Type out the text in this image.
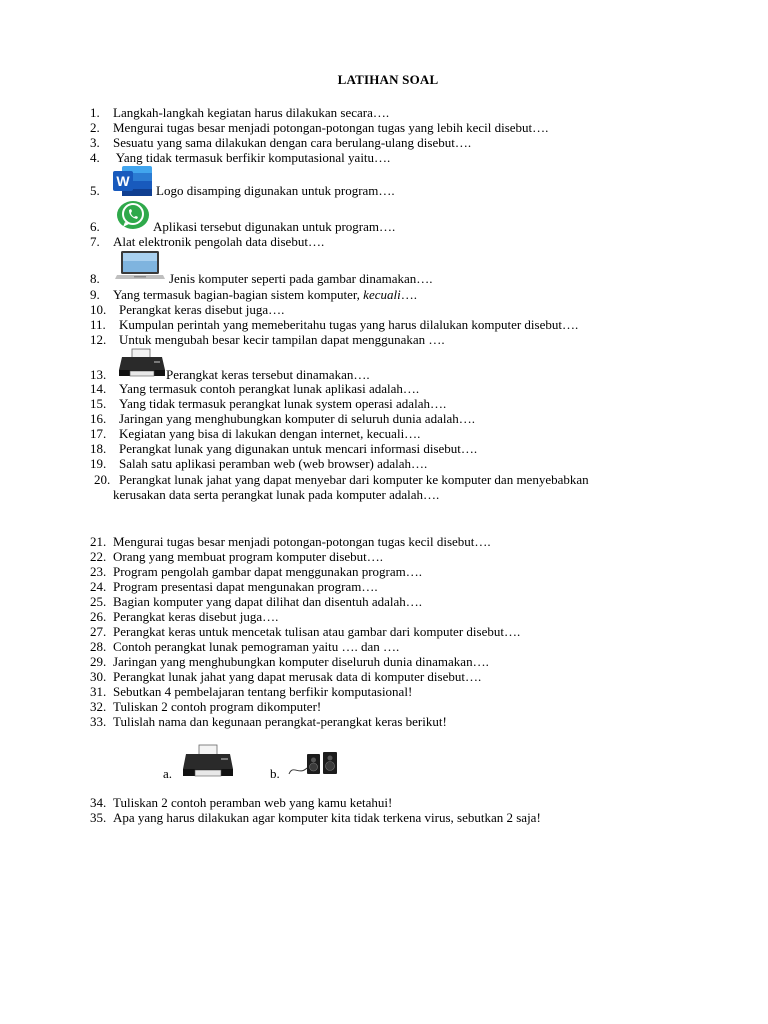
LATIHAN SOAL
1. Langkah-langkah kegiatan harus dilakukan secara….
2. Mengurai tugas besar menjadi potongan-potongan tugas yang lebih kecil disebut….
3. Sesuatu yang sama dilakukan dengan cara berulang-ulang disebut….
4. Yang tidak termasuk berfikir komputasional yaitu….
5.
W
Logo disamping digunakan untuk program….
6.	Aplikasi tersebut digunakan untuk program….
7. Alat elektronik pengolah data disebut….
8.	Jenis komputer seperti pada gambar dinamakan….
9. Yang termasuk bagian-bagian sistem komputer, kecuali….
10. Perangkat keras disebut juga….
11. Kumpulan perintah yang memeberitahu tugas yang harus dilalukan komputer disebut….
12. Untuk mengubah besar kecir tampilan dapat menggunakan ….
13.	Perangkat keras tersebut dinamakan….
14. Yang termasuk contoh perangkat lunak aplikasi adalah….
15. Yang tidak termasuk perangkat lunak system operasi adalah….
16. Jaringan yang menghubungkan komputer di seluruh dunia adalah….
17. Kegiatan yang bisa di lakukan dengan internet, kecuali….
18. Perangkat lunak yang digunakan untuk mencari informasi disebut….
19. Salah satu aplikasi peramban web (web browser) adalah….
20. Perangkat lunak jahat yang dapat menyebar dari komputer ke komputer dan menyebabkan
kerusakan data serta perangkat lunak pada komputer adalah….
21. Mengurai tugas besar menjadi potongan-potongan tugas kecil disebut….
22. Orang yang membuat program komputer disebut….
23. Program pengolah gambar dapat menggunakan program….
24. Program presentasi dapat mengunakan program….
25. Bagian komputer yang dapat dilihat dan disentuh adalah….
26. Perangkat keras disebut juga….
27. Perangkat keras untuk mencetak tulisan atau gambar dari komputer disebut….
28. Contoh perangkat lunak pemograman yaitu …. dan ….
29. Jaringan yang menghubungkan komputer diseluruh dunia dinamakan….
30. Perangkat lunak jahat yang dapat merusak data di komputer disebut….
31. Sebutkan 4 pembelajaran tentang berfikir komputasional!
32. Tuliskan 2 contoh program dikomputer!
33. Tulislah nama dan kegunaan perangkat-perangkat keras berikut!
a.	b.
34. Tuliskan 2 contoh peramban web yang kamu ketahui!
35. Apa yang harus dilakukan agar komputer kita tidak terkena virus, sebutkan 2 saja!
